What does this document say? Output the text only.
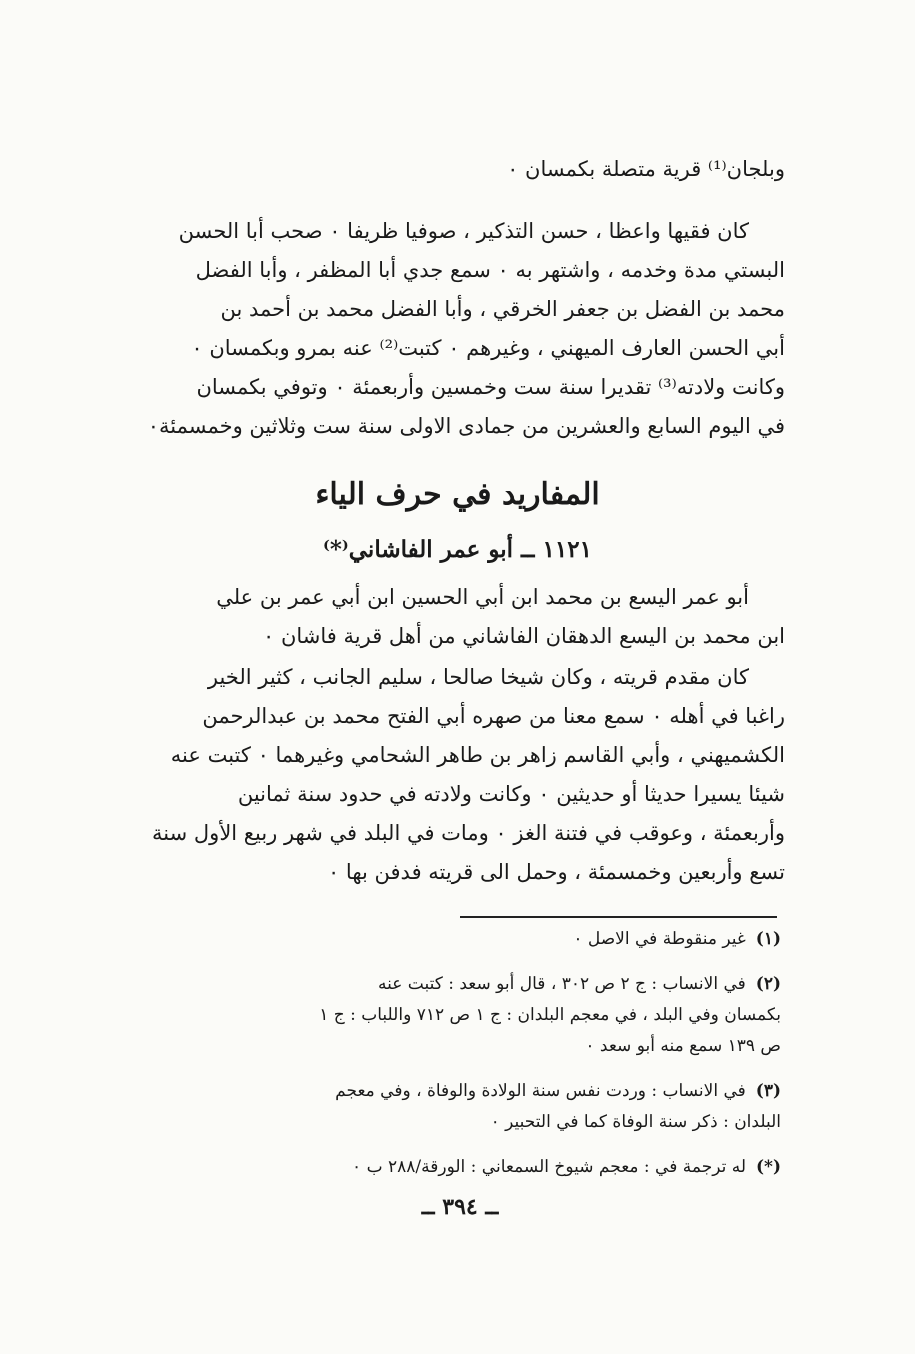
وبلجان⁽¹⁾ قرية متصلة بكمسان ٠
كان فقيها واعظا ، حسن التذكير ، صوفيا ظريفا ٠ صحب أبا الحسن
البستي مدة وخدمه ، واشتهر به ٠ سمع جدي أبا المظفر ، وأبا الفضل
محمد بن الفضل بن جعفر الخرقي ، وأبا الفضل محمد بن أحمد بن
أبي الحسن العارف الميهني ، وغيرهم ٠ كتبت⁽²⁾ عنه بمرو وبكمسان ٠
وكانت ولادته⁽³⁾ تقديرا سنة ست وخمسين وأربعمئة ٠ وتوفي بكمسان
في اليوم السابع والعشرين من جمادى الاولى سنة ست وثلاثين وخمسمئة٠
المفاريد في حرف الياء
١١٢١ ــ أبو عمر الفاشاني⁽*⁾
أبو عمر اليسع بن محمد ابن أبي الحسين ابن أبي عمر بن علي
ابن محمد بن اليسع الدهقان الفاشاني من أهل قرية فاشان ٠
كان مقدم قريته ، وكان شيخا صالحا ، سليم الجانب ، كثير الخير
راغبا في أهله ٠ سمع معنا من صهره أبي الفتح محمد بن عبدالرحمن
الكشميهني ، وأبي القاسم زاهر بن طاهر الشحامي وغيرهما ٠ كتبت عنه
شيئا يسيرا حديثا أو حديثين ٠ وكانت ولادته في حدود سنة ثمانين
وأربعمئة ، وعوقب في فتنة الغز ٠ ومات في البلد في شهر ربيع الأول سنة
تسع وأربعين وخمسمئة ، وحمل الى قريته فدفن بها ٠
(١)غير منقوطة في الاصل ٠
(٢)في الانساب : ج ٢ ص ٣٠٢ ، قال أبو سعد : كتبت عنه
بكمسان وفي البلد ، في معجم البلدان : ج ١ ص ٧١٢ واللباب : ج ١
ص ١٣٩ سمع منه أبو سعد ٠
(٣)في الانساب : وردت نفس سنة الولادة والوفاة ، وفي معجم
البلدان : ذكر سنة الوفاة كما في التحبير ٠
(*)له ترجمة في : معجم شيوخ السمعاني : الورقة/٢٨٨ ب ٠
ــ ٣٩٤ ــ
